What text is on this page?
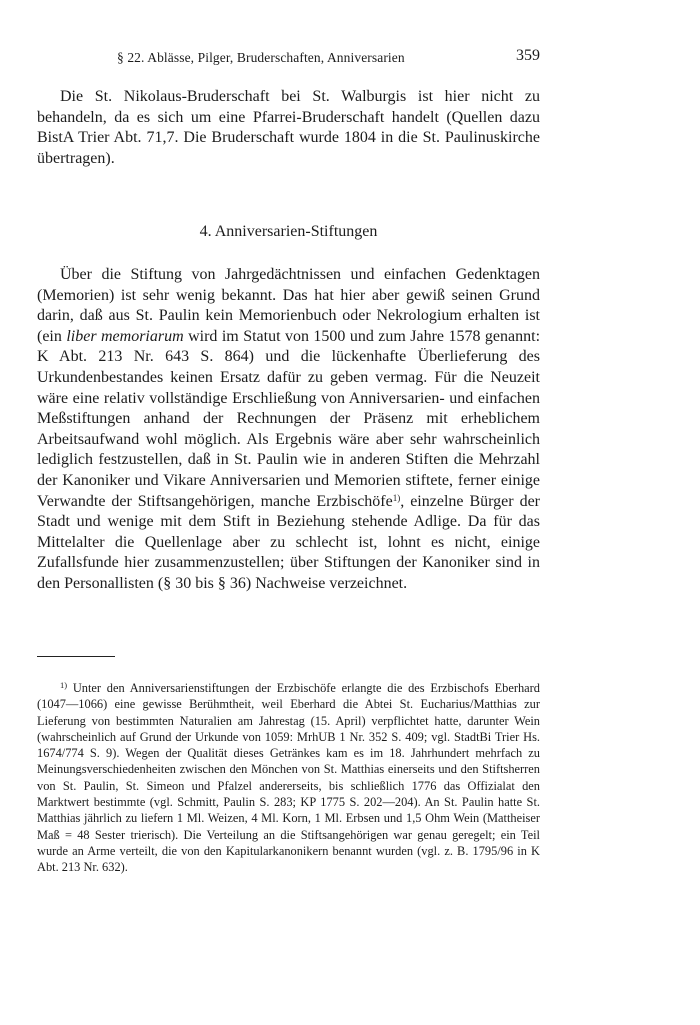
§ 22. Ablässe, Pilger, Bruderschaften, Anniversarien	359

Die St. Nikolaus-Bruderschaft bei St. Walburgis ist hier nicht zu behandeln, da es sich um eine Pfarrei-Bruderschaft handelt (Quellen dazu BistA Trier Abt. 71,7. Die Bruderschaft wurde 1804 in die St. Paulinuskirche übertragen).

4. Anniversarien-Stiftungen

Über die Stiftung von Jahrgedächtnissen und einfachen Gedenktagen (Memorien) ist sehr wenig bekannt. Das hat hier aber gewiß seinen Grund darin, daß aus St. Paulin kein Memorienbuch oder Nekrologium erhalten ist (ein liber memoriarum wird im Statut von 1500 und zum Jahre 1578 genannt: K Abt. 213 Nr. 643 S. 864) und die lückenhafte Überlieferung des Urkundenbestandes keinen Ersatz dafür zu geben vermag. Für die Neuzeit wäre eine relativ vollständige Erschließung von Anniversarien- und einfachen Meßstiftungen anhand der Rechnungen der Präsenz mit erheblichem Arbeitsaufwand wohl möglich. Als Ergebnis wäre aber sehr wahrscheinlich lediglich festzustellen, daß in St. Paulin wie in anderen Stiften die Mehrzahl der Kanoniker und Vikare Anniversarien und Memorien stiftete, ferner einige Verwandte der Stiftsangehörigen, manche Erzbischöfe$^{1)}$, einzelne Bürger der Stadt und wenige mit dem Stift in Beziehung stehende Adlige. Da für das Mittelalter die Quellenlage aber zu schlecht ist, lohnt es nicht, einige Zufallsfunde hier zusammenzustellen; über Stiftungen der Kanoniker sind in den Personallisten (§ 30 bis § 36) Nachweise verzeichnet.

$^{1)}$ Unter den Anniversarienstiftungen der Erzbischöfe erlangte die des Erzbischofs Eberhard (1047—1066) eine gewisse Berühmtheit, weil Eberhard die Abtei St. Eucharius/Matthias zur Lieferung von bestimmten Naturalien am Jahrestag (15. April) verpflichtet hatte, darunter Wein (wahrscheinlich auf Grund der Urkunde von 1059: MrhUB 1 Nr. 352 S. 409; vgl. StadtBi Trier Hs. 1674/774 S. 9). Wegen der Qualität dieses Getränkes kam es im 18. Jahrhundert mehrfach zu Meinungsverschiedenheiten zwischen den Mönchen von St. Matthias einerseits und den Stiftsherren von St. Paulin, St. Simeon und Pfalzel andererseits, bis schließlich 1776 das Offizialat den Marktwert bestimmte (vgl. Schmitt, Paulin S. 283; KP 1775 S. 202—204). An St. Paulin hatte St. Matthias jährlich zu liefern 1 Ml. Weizen, 4 Ml. Korn, 1 Ml. Erbsen und 1,5 Ohm Wein (Mattheiser Maß = 48 Sester trierisch). Die Verteilung an die Stiftsangehörigen war genau geregelt; ein Teil wurde an Arme verteilt, die von den Kapitularkanonikern benannt wurden (vgl. z. B. 1795/96 in K Abt. 213 Nr. 632).
